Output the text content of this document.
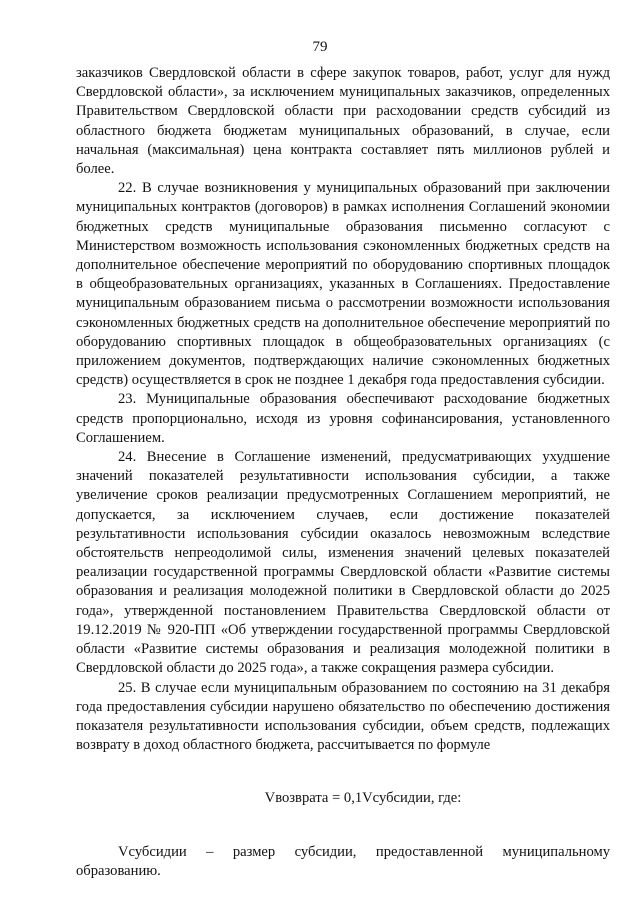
79

заказчиков Свердловской области в сфере закупок товаров, работ, услуг для нужд Свердловской области», за исключением муниципальных заказчиков, определенных Правительством Свердловской области при расходовании средств субсидий из областного бюджета бюджетам муниципальных образований, в случае, если начальная (максимальная) цена контракта составляет пять миллионов рублей и более.

22. В случае возникновения у муниципальных образований при заключении муниципальных контрактов (договоров) в рамках исполнения Соглашений экономии бюджетных средств муниципальные образования письменно согласуют с Министерством возможность использования сэкономленных бюджетных средств на дополнительное обеспечение мероприятий по оборудованию спортивных площадок в общеобразовательных организациях, указанных в Соглашениях. Предоставление муниципальным образованием письма о рассмотрении возможности использования сэкономленных бюджетных средств на дополнительное обеспечение мероприятий по оборудованию спортивных площадок в общеобразовательных организациях (с приложением документов, подтверждающих наличие сэкономленных бюджетных средств) осуществляется в срок не позднее 1 декабря года предоставления субсидии.

23. Муниципальные образования обеспечивают расходование бюджетных средств пропорционально, исходя из уровня софинансирования, установленного Соглашением.

24. Внесение в Соглашение изменений, предусматривающих ухудшение значений показателей результативности использования субсидии, а также увеличение сроков реализации предусмотренных Соглашением мероприятий, не допускается, за исключением случаев, если достижение показателей результативности использования субсидии оказалось невозможным вследствие обстоятельств непреодолимой силы, изменения значений целевых показателей реализации государственной программы Свердловской области «Развитие системы образования и реализация молодежной политики в Свердловской области до 2025 года», утвержденной постановлением Правительства Свердловской области от 19.12.2019 № 920-ПП «Об утверждении государственной программы Свердловской области «Развитие системы образования и реализация молодежной политики в Свердловской области до 2025 года», а также сокращения размера субсидии.

25. В случае если муниципальным образованием по состоянию на 31 декабря года предоставления субсидии нарушено обязательство по обеспечению достижения показателя результативности использования субсидии, объем средств, подлежащих возврату в доход областного бюджета, рассчитывается по формуле

Vвозврата = 0,1Vсубсидии, где:

Vсубсидии – размер субсидии, предоставленной муниципальному образованию.
